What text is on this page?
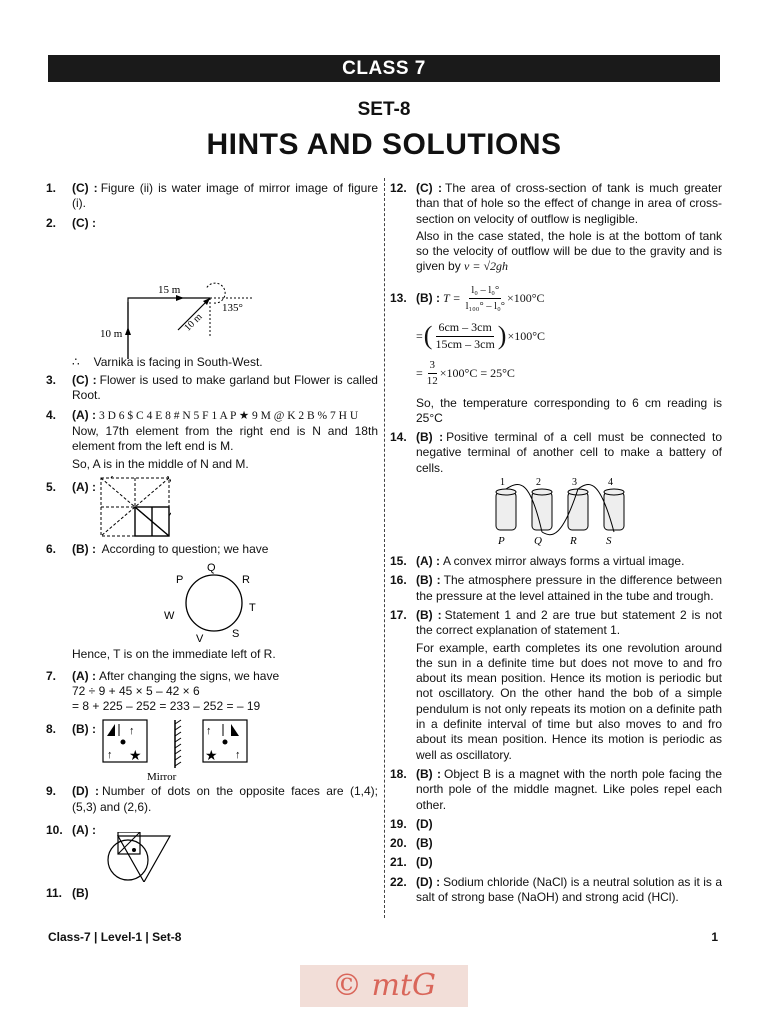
CLASS 7
SET-8
HINTS AND SOLUTIONS
1.	(C) : Figure (ii) is water image of mirror image of figure (i).
2.	(C) :
15 m
10 m
135°
10 m
∴ Varnika is facing in South-West.
3.	(C) : Flower is used to make garland but Flower is called Root.
4.	(A) : 3 D 6 $ C 4 E 8 # N 5 F 1 A P ★ 9 M @ K 2 B % 7 H U
Now, 17th element from the right end is N and 18th element from the left end is M.
So, A is in the middle of N and M.
5.	(A) :
6.	(B) : According to question; we have
Q
P	R
W
T
V	S
Hence, T is on the immediate left of R.
7.	(A) : After changing the signs, we have
72 ÷ 9 + 45 × 5 – 42 × 6
= 8 + 225 – 252 = 233 – 252 = – 19
8.	(B) :	↑
↑ ★
↑
★ ↑
Mirror
9.	(D) : Number of dots on the opposite faces are (1,4); (5,3) and (2,6).
10. (A) :
11. (B)
12. (C) : The area of cross-section of tank is much greater than that of hole so the effect of change in area of cross-section on velocity of outflow is negligible.
Also in the case stated, the hole is at the bottom of tank so the velocity of outflow will be due to the gravity and is given by v = √2gh
13. (B) : $T = \frac{\text{l₀ – l₀°}}{\text{l₁₀₀° – l₀°}} \times 100^\circ C$
= ( 6cm – 3cm
15cm – 3cm ) ×100°C
= $\frac{3}{12} \times 100^\circ C = 25^\circ C$
So, the temperature corresponding to 6 cm reading is 25°C
14. (B) : Positive terminal of a cell must be connected to negative terminal of another cell to make a battery of cells.
1	2	3	4
P	Q	R	S
15. (A) : A convex mirror always forms a virtual image.
16. (B) : The atmosphere pressure in the difference between the pressure at the level attained in the tube and trough.
17. (B) : Statement 1 and 2 are true but statement 2 is not the correct explanation of statement 1.
For example, earth completes its one revolution around the sun in a definite time but does not move to and fro about its mean position. Hence its motion is periodic but not oscillatory. On the other hand the bob of a simple pendulum is not only repeats its motion on a definite path in a definite interval of time but also moves to and fro about its mean position. Hence its motion is periodic as well as oscillatory.
18. (B) : Object B is a magnet with the north pole facing the north pole of the middle magnet. Like poles repel each other.
19. (D)
20. (B)
21. (D)
22. (D) : Sodium chloride (NaCl) is a neutral solution as it is a salt of strong base (NaOH) and strong acid (HCl).
Class-7 | Level-1 | Set-8	1
© mtG
